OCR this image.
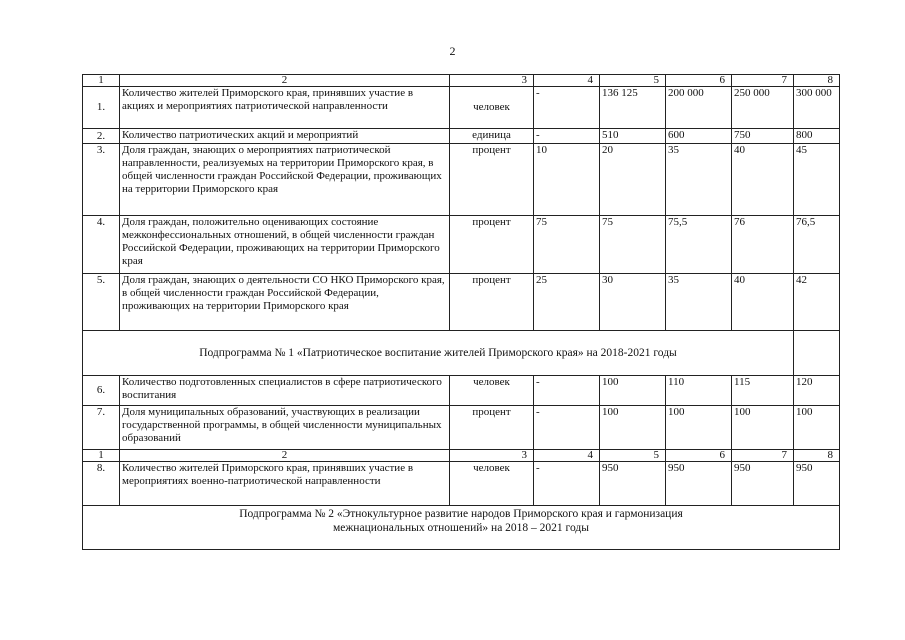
2
1	2	3	4	5	6	7	8
1.	Количество жителей Приморского края, принявших участие в акциях и мероприятиях патриотической направленности	человек	-	136 125	200 000	250 000	300 000
2.	Количество патриотических акций и мероприятий	единица	-	510	600	750	800
3.	Доля граждан, знающих о мероприятиях патриотической направленности, реализуемых на территории Приморского края, в общей численности граждан Российской Федерации, проживающих на территории Приморского края	процент	10	20	35	40	45
4.	Доля граждан, положительно оценивающих состояние межконфессиональных отношений, в общей численности граждан Российской Федерации, проживающих на территории Приморского края	процент	75	75	75,5	76	76,5
5.	Доля граждан, знающих о деятельности СО НКО Приморского края, в общей численности граждан Российской Федерации, проживающих на территории Приморского края	процент	25	30	35	40	42
Подпрограмма № 1 «Патриотическое воспитание жителей Приморского края» на 2018-2021 годы							
6.	Количество подготовленных специалистов в сфере патриотического воспитания	человек	-	100	110	115	120
7.	Доля муниципальных образований, участвующих в реализации государственной программы, в общей численности муниципальных образований	процент	-	100	100	100	100
1	2	3	4	5	6	7	8
8.	Количество жителей Приморского края, принявших участие в мероприятиях военно-патриотической направленности	человек	-	950	950	950	950

Подпрограмма № 2 «Этнокультурное развитие народов Приморского края и гармонизация
межнациональных отношений» на 2018 – 2021 годы							
